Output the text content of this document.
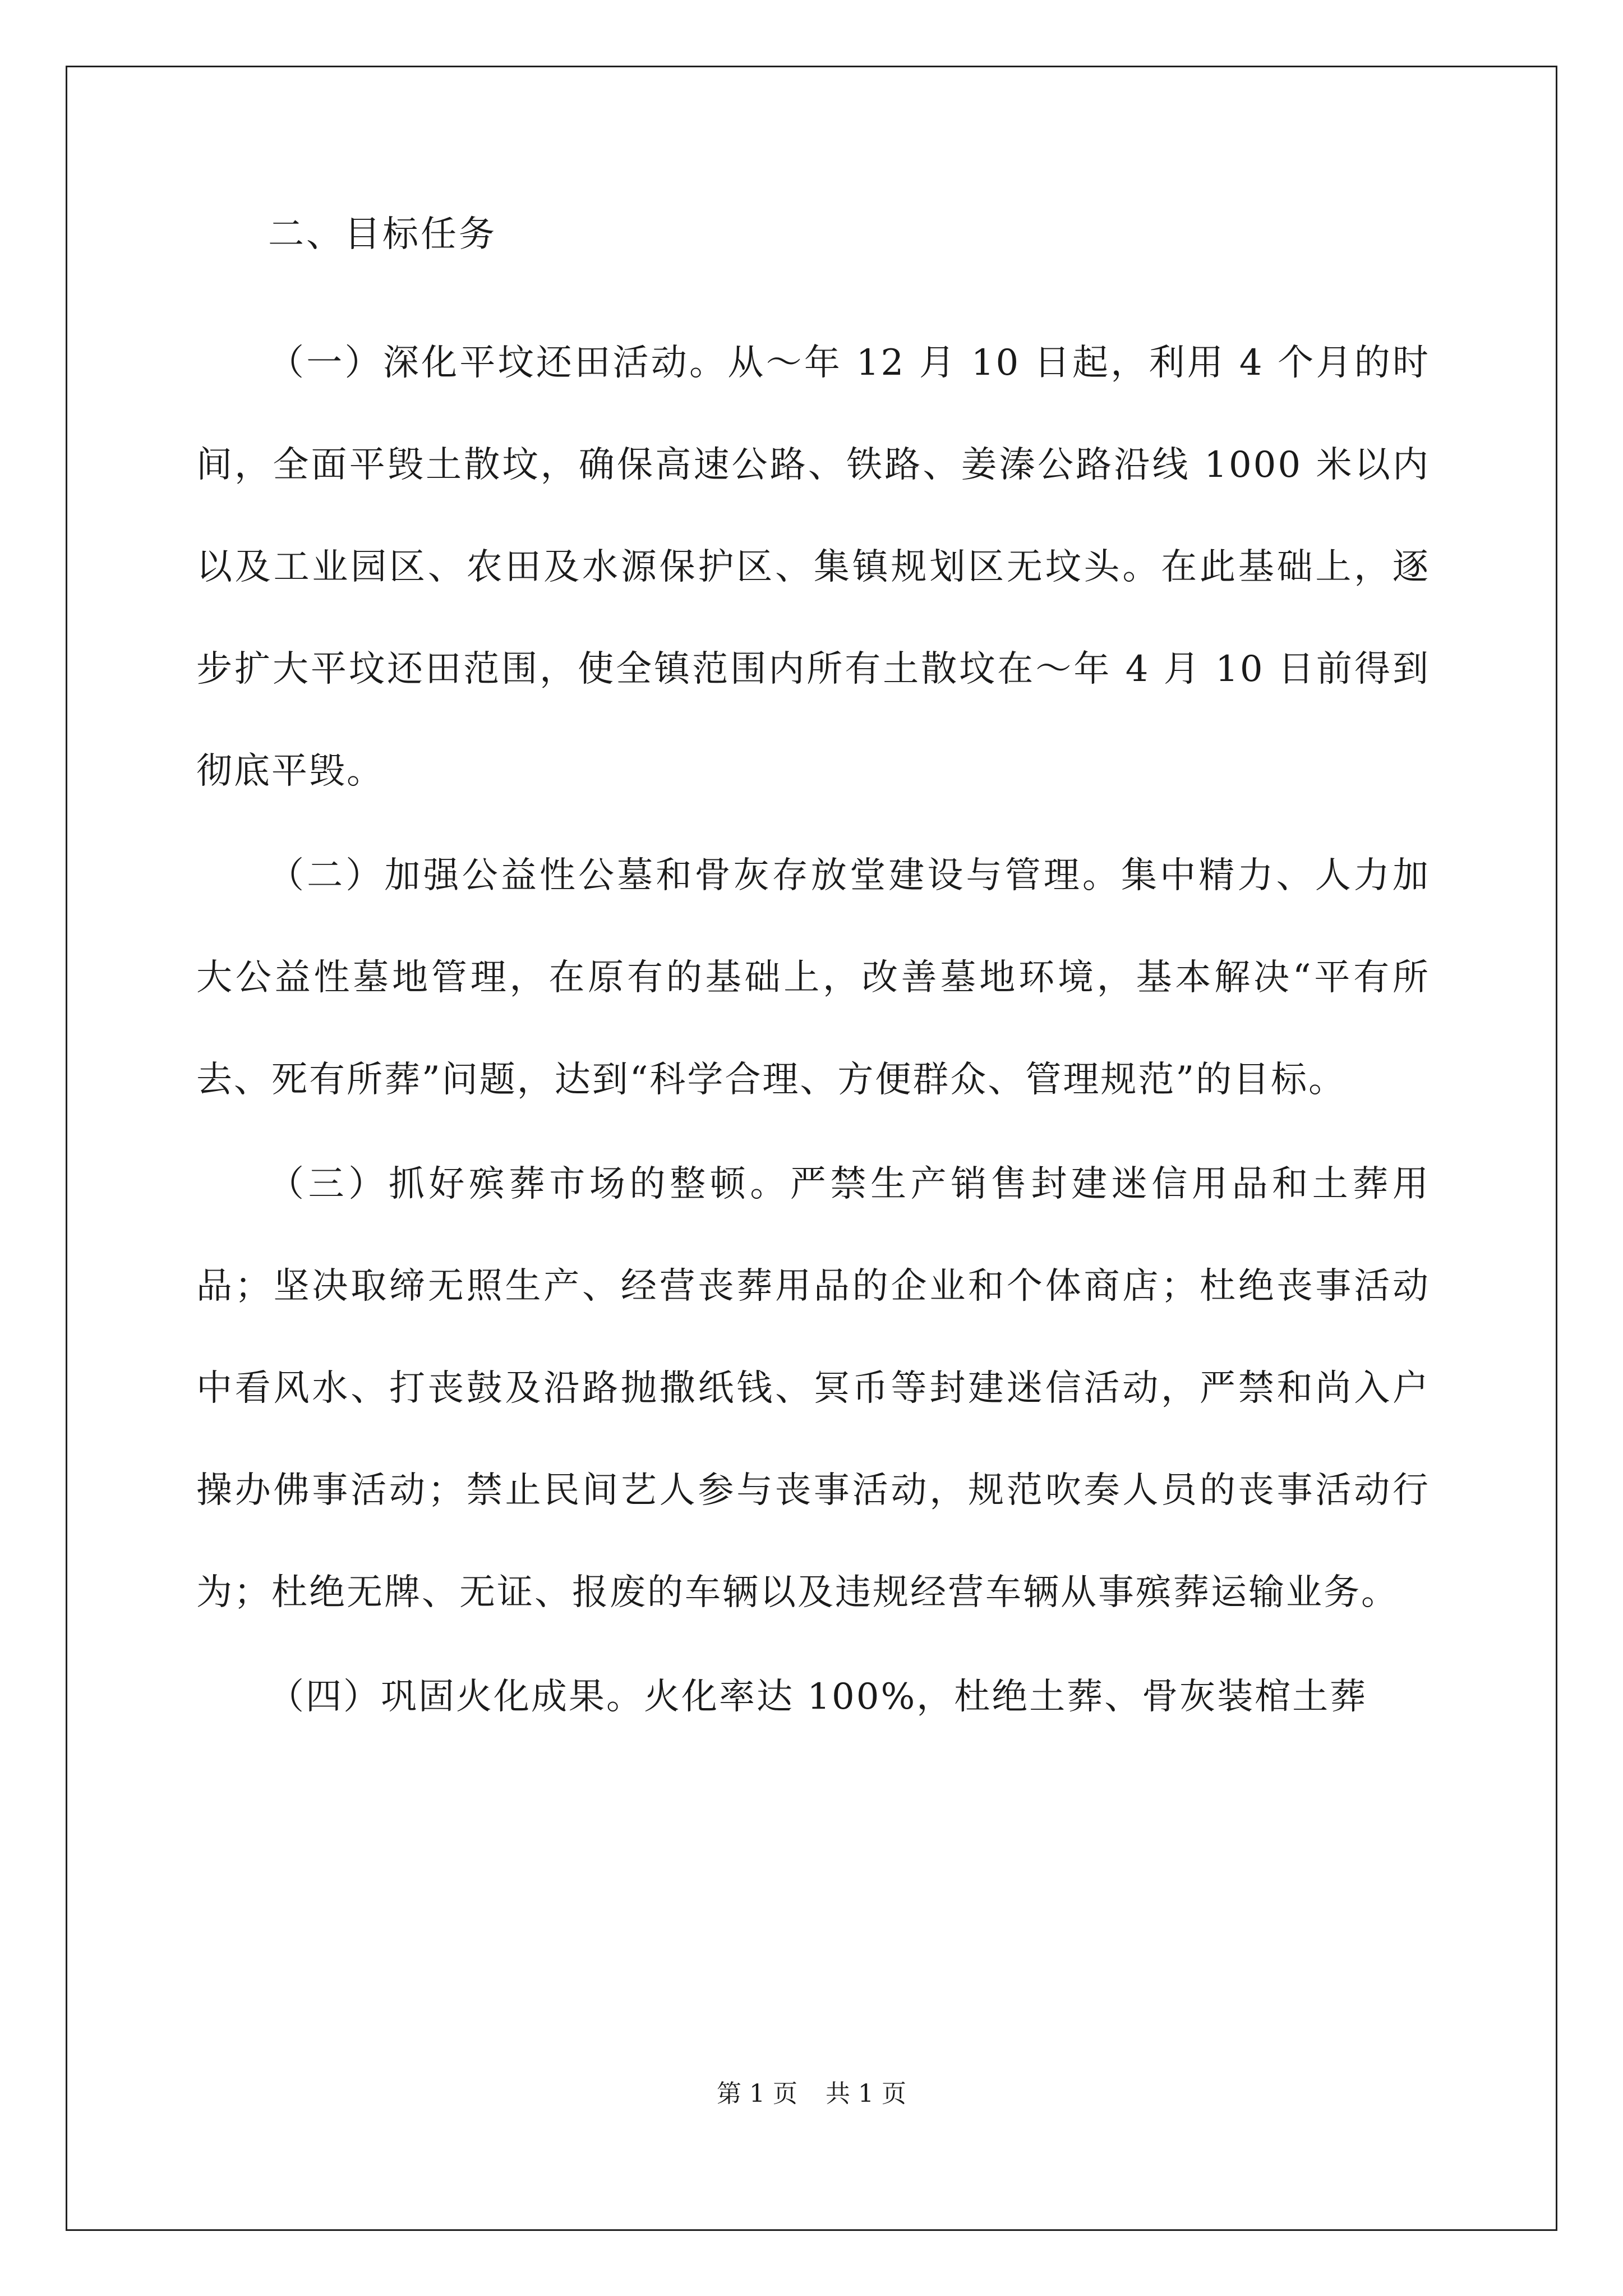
二、目标任务

（一）深化平坟还田活动。从～年 12 月 10 日起，利用 4 个月的时间，全面平毁土散坟，确保高速公路、铁路、姜溱公路沿线 1000 米以内以及工业园区、农田及水源保护区、集镇规划区无坟头。在此基础上，逐步扩大平坟还田范围，使全镇范围内所有土散坟在～年 4 月 10 日前得到彻底平毁。

（二）加强公益性公墓和骨灰存放堂建设与管理。集中精力、人力加大公益性墓地管理，在原有的基础上，改善墓地环境，基本解决“平有所去、死有所葬”问题，达到“科学合理、方便群众、管理规范”的目标。

（三）抓好殡葬市场的整顿。严禁生产销售封建迷信用品和土葬用品；坚决取缔无照生产、经营丧葬用品的企业和个体商店；杜绝丧事活动中看风水、打丧鼓及沿路抛撒纸钱、冥币等封建迷信活动，严禁和尚入户操办佛事活动；禁止民间艺人参与丧事活动，规范吹奏人员的丧事活动行为；杜绝无牌、无证、报废的车辆以及违规经营车辆从事殡葬运输业务。

（四）巩固火化成果。火化率达 100%，杜绝土葬、骨灰装棺土葬

第 1 页 共 1 页
